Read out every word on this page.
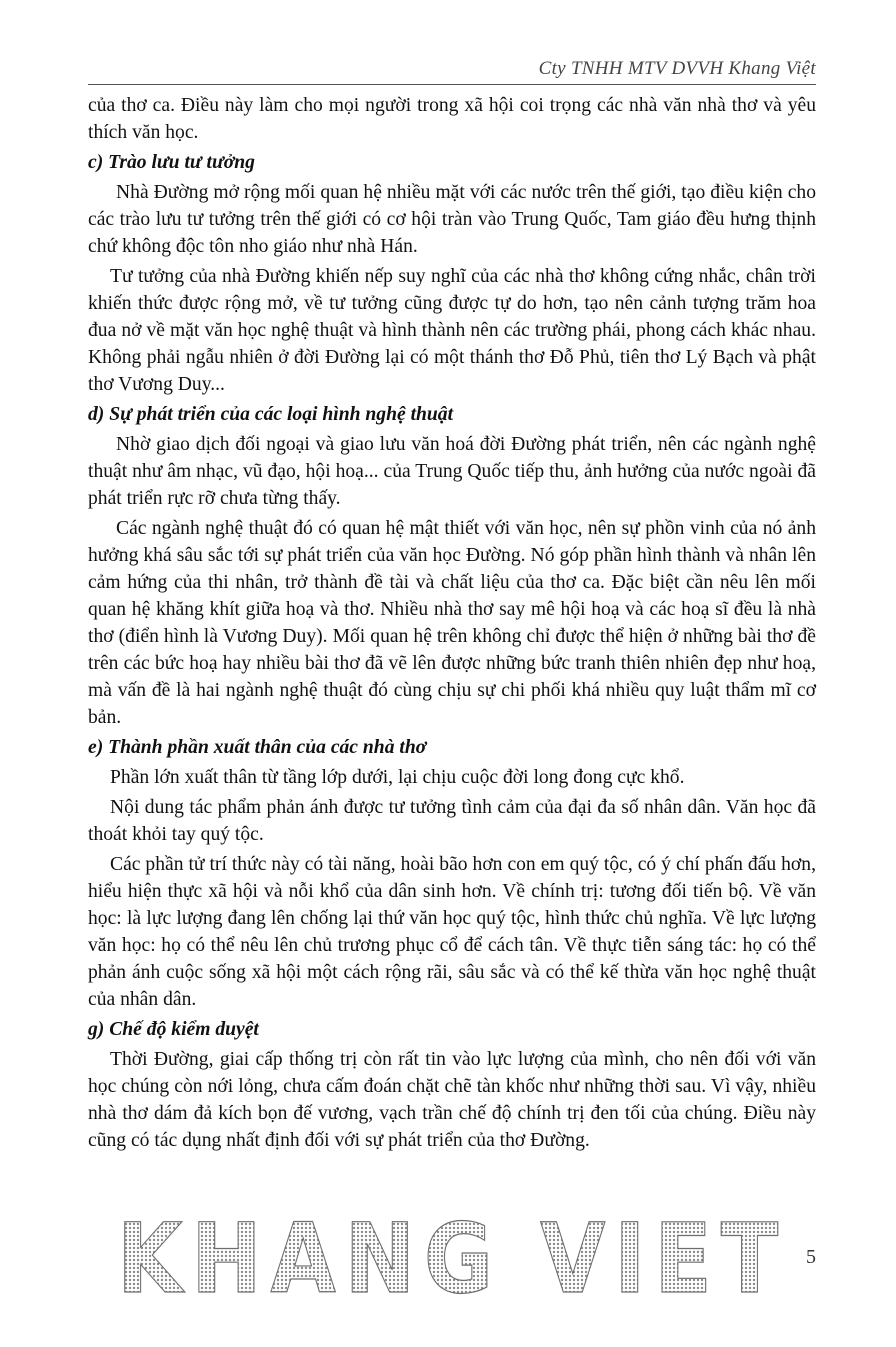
Cty TNHH MTV DVVH Khang Việt

của thơ ca. Điều này làm cho mọi người trong xã hội coi trọng các nhà văn nhà thơ và yêu thích văn học.

c) Trào lưu tư tưởng

Nhà Đường mở rộng mối quan hệ nhiều mặt với các nước trên thế giới, tạo điều kiện cho các trào lưu tư tưởng trên thế giới có cơ hội tràn vào Trung Quốc, Tam giáo đều hưng thịnh chứ không độc tôn nho giáo như nhà Hán.

Tư tưởng của nhà Đường khiến nếp suy nghĩ của các nhà thơ không cứng nhắc, chân trời khiến thức được rộng mở, về tư tưởng cũng được tự do hơn, tạo nên cảnh tượng trăm hoa đua nở về mặt văn học nghệ thuật và hình thành nên các trường phái, phong cách khác nhau. Không phải ngẫu nhiên ở đời Đường lại có một thánh thơ Đỗ Phủ, tiên thơ Lý Bạch và phật thơ Vương Duy...

d) Sự phát triển của các loại hình nghệ thuật

Nhờ giao dịch đối ngoại và giao lưu văn hoá đời Đường phát triển, nên các ngành nghệ thuật như âm nhạc, vũ đạo, hội hoạ... của Trung Quốc tiếp thu, ảnh hưởng của nước ngoài đã phát triển rực rỡ chưa từng thấy.

Các ngành nghệ thuật đó có quan hệ mật thiết với văn học, nên sự phồn vinh của nó ảnh hưởng khá sâu sắc tới sự phát triển của văn học Đường. Nó góp phần hình thành và nhân lên cảm hứng của thi nhân, trở thành đề tài và chất liệu của thơ ca. Đặc biệt cần nêu lên mối quan hệ khăng khít giữa hoạ và thơ. Nhiều nhà thơ say mê hội hoạ và các hoạ sĩ đều là nhà thơ (điển hình là Vương Duy). Mối quan hệ trên không chỉ được thể hiện ở những bài thơ đề trên các bức hoạ hay nhiều bài thơ đã vẽ lên được những bức tranh thiên nhiên đẹp như hoạ, mà vấn đề là hai ngành nghệ thuật đó cùng chịu sự chi phối khá nhiều quy luật thẩm mĩ cơ bản.

e) Thành phần xuất thân của các nhà thơ

Phần lớn xuất thân từ tầng lớp dưới, lại chịu cuộc đời long đong cực khổ.

Nội dung tác phẩm phản ánh được tư tưởng tình cảm của đại đa số nhân dân. Văn học đã thoát khỏi tay quý tộc.

Các phần tử trí thức này có tài năng, hoài bão hơn con em quý tộc, có ý chí phấn đấu hơn, hiểu hiện thực xã hội và nỗi khổ của dân sinh hơn. Về chính trị: tương đối tiến bộ. Về văn học: là lực lượng đang lên chống lại thứ văn học quý tộc, hình thức chủ nghĩa. Về lực lượng văn học: họ có thể nêu lên chủ trương phục cổ để cách tân. Về thực tiễn sáng tác: họ có thể phản ánh cuộc sống xã hội một cách rộng rãi, sâu sắc và có thể kế thừa văn học nghệ thuật của nhân dân.

g) Chế độ kiểm duyệt

Thời Đường, giai cấp thống trị còn rất tin vào lực lượng của mình, cho nên đối với văn học chúng còn nới lỏng, chưa cấm đoán chặt chẽ tàn khốc như những thời sau. Vì vậy, nhiều nhà thơ dám đả kích bọn đế vương, vạch trần chế độ chính trị đen tối của chúng. Điều này cũng có tác dụng nhất định đối với sự phát triển của thơ Đường.

KHANG VIET 5
